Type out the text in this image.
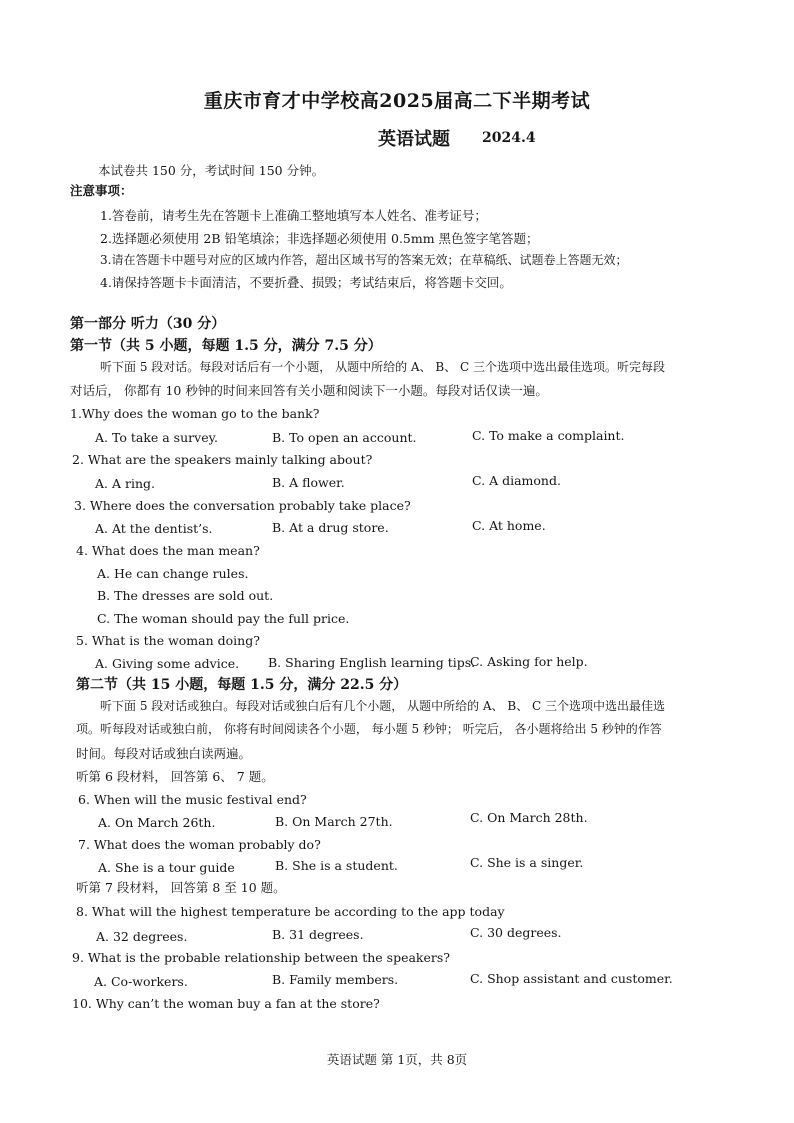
重庆市育才中学校高2025届高二下半期考试
英语试题 2024.4
本试卷共 150 分，考试时间 150 分钟。
注意事项：
1.答卷前，请考生先在答题卡上准确工整地填写本人姓名、准考证号；
2.选择题必须使用 2B 铅笔填涂；非选择题必须使用 0.5mm 黑色签字笔答题；
3.请在答题卡中题号对应的区域内作答，超出区域书写的答案无效；在草稿纸、试题卷上答题无效；
4.请保持答题卡卡面清洁，不要折叠、损毁；考试结束后，将答题卡交回。
第一部分 听力（30 分）
第一节（共 5 小题，每题 1.5 分，满分 7.5 分）
听下面 5 段对话。每段对话后有一个小题， 从题中所给的 A、 B、 C 三个选项中选出最佳选项。听完每段
对话后， 你都有 10 秒钟的时间来回答有关小题和阅读下一小题。每段对话仅读一遍。
1.Why does the woman go to the bank?
A. To take a survey.	B. To open an account.	C. To make a complaint.
2. What are the speakers mainly talking about?
A. A ring.	B. A flower.	C. A diamond.
3. Where does the conversation probably take place?
A. At the dentist’s.	B. At a drug store.	C. At home.
4. What does the man mean?
A. He can change rules.
B. The dresses are sold out.
C. The woman should pay the full price.
5. What is the woman doing?
A. Giving some advice. B. Sharing English learning tips.
C. Asking for help.
第二节（共 15 小题，每题 1.5 分，满分 22.5 分）
听下面 5 段对话或独白。每段对话或独白后有几个小题， 从题中所给的 A、 B、 C 三个选项中选出最佳选
项。听每段对话或独白前， 你将有时间阅读各个小题， 每小题 5 秒钟； 听完后， 各小题将给出 5 秒钟的作答
时间。每段对话或独白读两遍。
听第 6 段材料， 回答第 6、 7 题。
6. When will the music festival end?
A. On March 26th.	B. On March 27th.	C. On March 28th.
7. What does the woman probably do?
A. She is a tour guide	B. She is a student.	C. She is a singer.
听第 7 段材料， 回答第 8 至 10 题。
8. What will the highest temperature be according to the app today
A. 32 degrees.	B. 31 degrees.	C. 30 degrees.
9. What is the probable relationship between the speakers?
A. Co-workers.	B. Family members.	C. Shop assistant and customer.
10. Why can’t the woman buy a fan at the store?
英语试题 第 1页，共 8页
